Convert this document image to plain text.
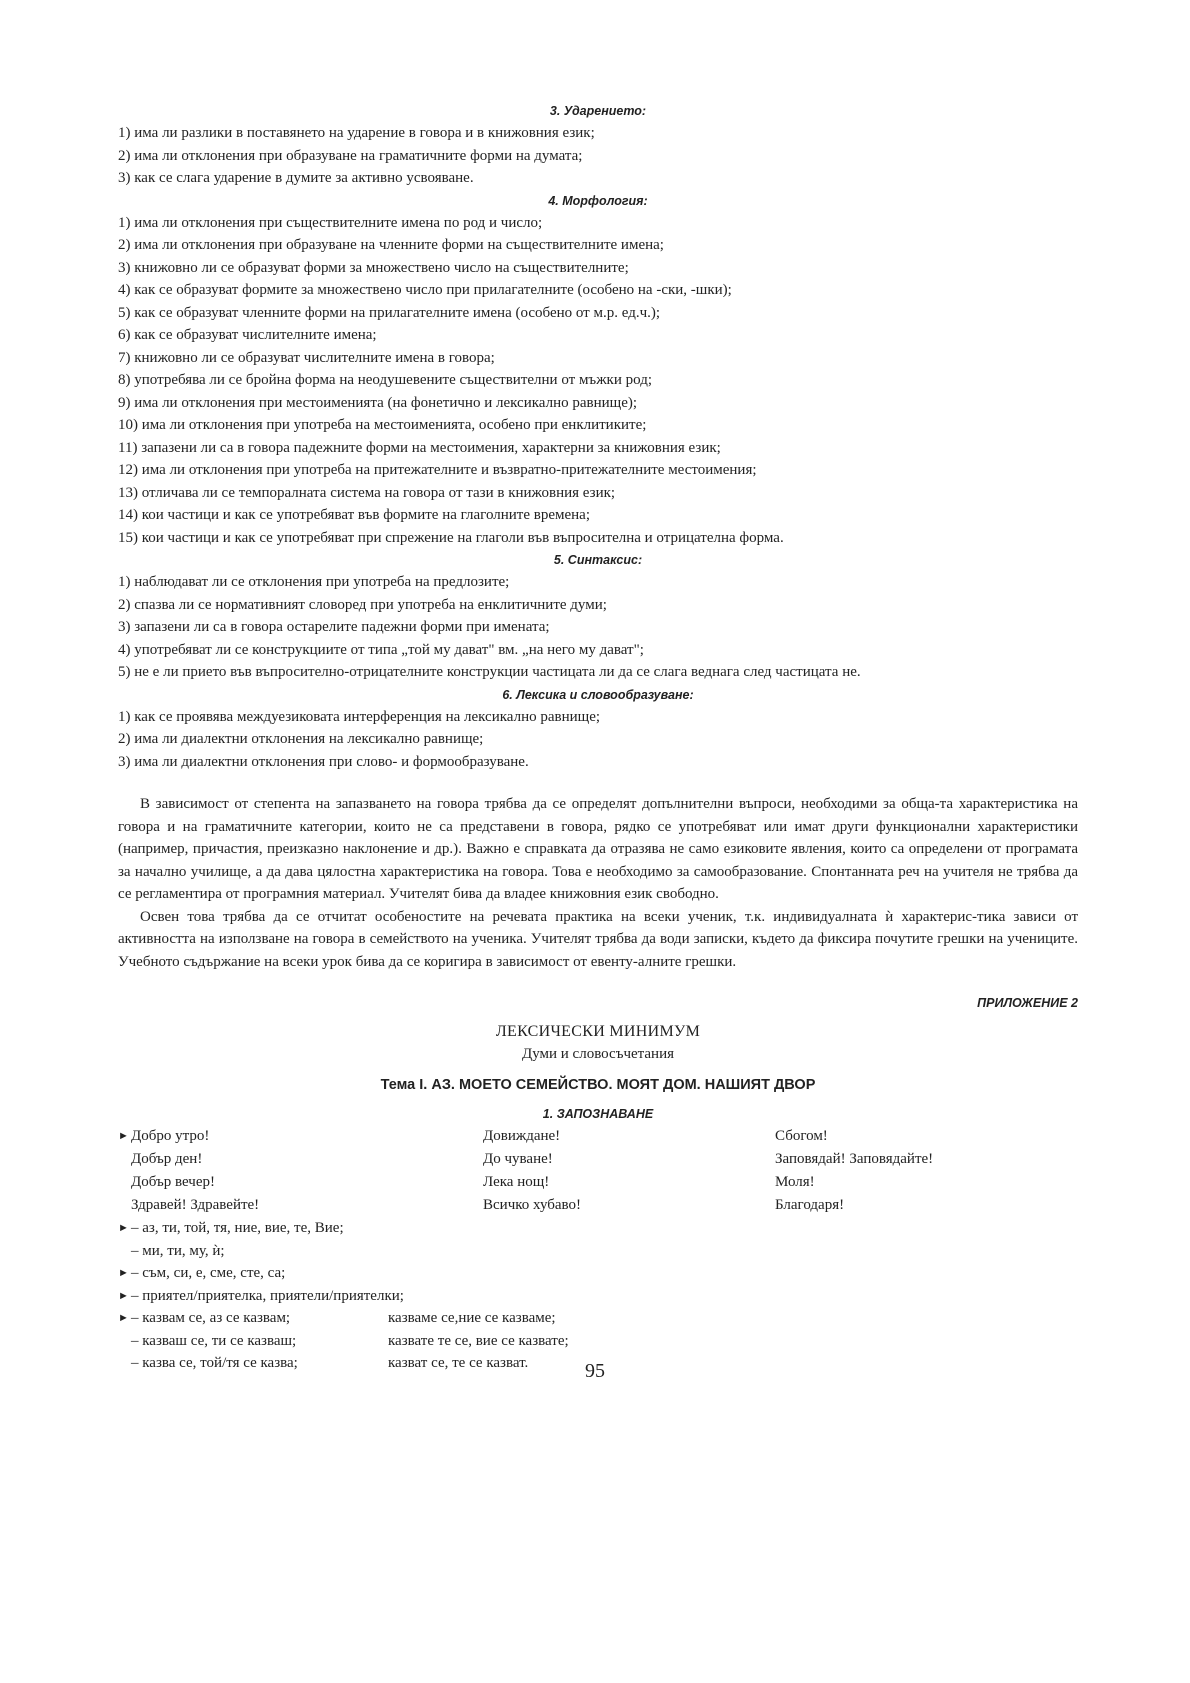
3. Ударението:
1) има ли разлики в поставянето на ударение в говора и в книжовния език;
2) има ли отклонения при образуване на граматичните форми на думата;
3) как се слага ударение в думите за активно усвояване.
4. Морфология:
1) има ли отклонения при съществителните имена по род и число;
2) има ли отклонения при образуване на членните форми на съществителните имена;
3) книжовно ли се образуват форми за множествено число на съществителните;
4) как се образуват формите за множествено число при прилагателните (особено на -ски, -шки);
5) как се образуват членните форми на прилагателните имена (особено от м.р. ед.ч.);
6) как се образуват числителните имена;
7) книжовно ли се образуват числителните имена в говора;
8) употребява ли се бройна форма на неодушевените съществителни от мъжки род;
9) има ли отклонения при местоименията (на фонетично и лексикално равнище);
10) има ли отклонения при употреба на местоименията, особено при енклитиките;
11) запазени ли са в говора падежните форми на местоимения, характерни за книжовния език;
12) има ли отклонения при употреба на притежателните и възвратно-притежателните местоимения;
13) отличава ли се темпоралната система на говора от тази в книжовния език;
14) кои частици и как се употребяват във формите на глаголните времена;
15) кои частици и как се употребяват при спрежение на глаголи във въпросителна и отрицателна форма.
5. Синтаксис:
1) наблюдават ли се отклонения при употреба на предлозите;
2) спазва ли се нормативният словоред при употреба на енклитичните думи;
3) запазени ли са в говора остарелите падежни форми при имената;
4) употребяват ли се конструкциите от типа „той му дават" вм. „на него му дават";
5) не е ли прието във въпросително-отрицателните конструкции частицата ли да се слага веднага след частицата не.
6. Лексика и словообразуване:
1) как се проявява междуезиковата интерференция на лексикално равнище;
2) има ли диалектни отклонения на лексикално равнище;
3) има ли диалектни отклонения при слово- и формообразуване.

В зависимост от степента на запазването на говора трябва да се определят допълнителни въпроси, необходими за обща-та характеристика на говора и на граматичните категории, които не са представени в говора, рядко се употребяват или имат други функционални характеристики (например, причастия, преизказно наклонение и др.). Важно е справката да отразява не само езиковите явления, които са определени от програмата за начално училище, а да дава цялостна характеристика на говора. Това е необходимо за самообразование. Спонтанната реч на учителя не трябва да се регламентира от програмния материал. Учителят бива да владее книжовния език свободно.

Освен това трябва да се отчитат особеностите на речевата практика на всеки ученик, т.к. индивидуалната ѝ характерис-тика зависи от активността на използване на говора в семейството на ученика. Учителят трябва да води записки, където да фиксира почутите грешки на учениците. Учебното съдържание на всеки урок бива да се коригира в зависимост от евенту-алните грешки.

ПРИЛОЖЕНИЕ 2
ЛЕКСИЧЕСКИ МИНИМУМ
Думи и словосъчетания
Тема I. АЗ. МОЕТО СЕМЕЙСТВО. МОЯТ ДОМ. НАШИЯТ ДВОР
1. ЗАПОЗНАВАНЕ
► Добро утро!
Добър ден!
Добър вечер!
Здравей! Здравейте!
Довиждане!
До чуване!
Лека нощ!
Всичко хубаво!
Сбогом!
Заповядай! Заповядайте!
Моля!
Благодаря!
► – аз, ти, той, тя, ние, вие, те, Вие;
– ми, ти, му, ѝ;
► – съм, си, е, сме, сте, са;
► – приятел/приятелка, приятели/приятелки;
► – казвам се, аз се казвам;
– казваш се, ти се казваш;
– казва се, той/тя се казва;
казваме се,ние се казваме;
казвате те се, вие се казвате;
казват се, те се казват.	95
